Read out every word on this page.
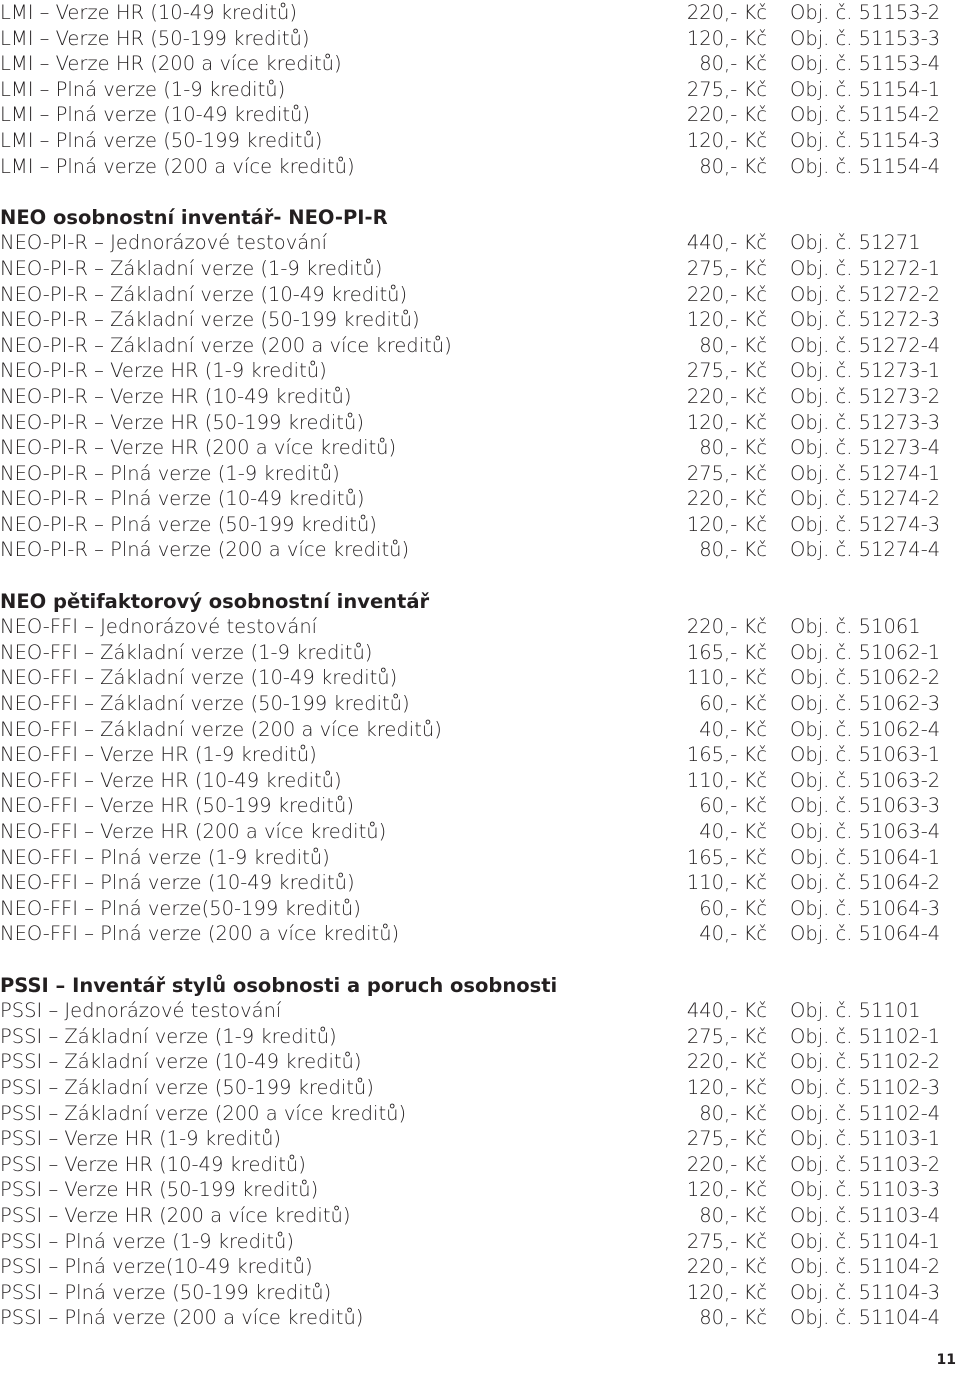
LMI – Verze HR (10-49 kreditů)	220,- Kč Obj. č. 51153-2
LMI – Verze HR (50-199 kreditů)	120,- Kč Obj. č. 51153-3
LMI – Verze HR (200 a více kreditů)	80,- Kč Obj. č. 51153-4
LMI – Plná verze (1-9 kreditů)	275,- Kč Obj. č. 51154-1
LMI – Plná verze (10-49 kreditů)	220,- Kč Obj. č. 51154-2
LMI – Plná verze (50-199 kreditů)	120,- Kč Obj. č. 51154-3
LMI – Plná verze (200 a více kreditů)	80,- Kč Obj. č. 51154-4
NEO osobnostní inventář- NEO-PI-R
NEO-PI-R – Jednorázové testování	440,- Kč Obj. č. 51271
NEO-PI-R – Základní verze (1-9 kreditů)	275,- Kč Obj. č. 51272-1
NEO-PI-R – Základní verze (10-49 kreditů)	220,- Kč Obj. č. 51272-2
NEO-PI-R – Základní verze (50-199 kreditů)	120,- Kč Obj. č. 51272-3
NEO-PI-R – Základní verze (200 a více kreditů)	80,- Kč Obj. č. 51272-4
NEO-PI-R – Verze HR (1-9 kreditů)	275,- Kč Obj. č. 51273-1
NEO-PI-R – Verze HR (10-49 kreditů)	220,- Kč Obj. č. 51273-2
NEO-PI-R – Verze HR (50-199 kreditů)	120,- Kč Obj. č. 51273-3
NEO-PI-R – Verze HR (200 a více kreditů)	80,- Kč Obj. č. 51273-4
NEO-PI-R – Plná verze (1-9 kreditů)	275,- Kč Obj. č. 51274-1
NEO-PI-R – Plná verze (10-49 kreditů)	220,- Kč Obj. č. 51274-2
NEO-PI-R – Plná verze (50-199 kreditů)	120,- Kč Obj. č. 51274-3
NEO-PI-R – Plná verze (200 a více kreditů)	80,- Kč Obj. č. 51274-4
NEO pětifaktorový osobnostní inventář
NEO-FFI – Jednorázové testování	220,- Kč Obj. č. 51061
NEO-FFI – Základní verze (1-9 kreditů)	165,- Kč Obj. č. 51062-1
NEO-FFI – Základní verze (10-49 kreditů)	110,- Kč Obj. č. 51062-2
NEO-FFI – Základní verze (50-199 kreditů)	60,- Kč Obj. č. 51062-3
NEO-FFI – Základní verze (200 a více kreditů)	40,- Kč Obj. č. 51062-4
NEO-FFI – Verze HR (1-9 kreditů)	165,- Kč Obj. č. 51063-1
NEO-FFI – Verze HR (10-49 kreditů)	110,- Kč Obj. č. 51063-2
NEO-FFI – Verze HR (50-199 kreditů)	60,- Kč Obj. č. 51063-3
NEO-FFI – Verze HR (200 a více kreditů)	40,- Kč Obj. č. 51063-4
NEO-FFI – Plná verze (1-9 kreditů)	165,- Kč Obj. č. 51064-1
NEO-FFI – Plná verze (10-49 kreditů)	110,- Kč Obj. č. 51064-2
NEO-FFI – Plná verze(50-199 kreditů)	60,- Kč Obj. č. 51064-3
NEO-FFI – Plná verze (200 a více kreditů)	40,- Kč Obj. č. 51064-4
PSSI – Inventář stylů osobnosti a poruch osobnosti
PSSI – Jednorázové testování	440,- Kč Obj. č. 51101
PSSI – Základní verze (1-9 kreditů)	275,- Kč Obj. č. 51102-1
PSSI – Základní verze (10-49 kreditů)	220,- Kč Obj. č. 51102-2
PSSI – Základní verze (50-199 kreditů)	120,- Kč Obj. č. 51102-3
PSSI – Základní verze (200 a více kreditů)	80,- Kč Obj. č. 51102-4
PSSI – Verze HR (1-9 kreditů)	275,- Kč Obj. č. 51103-1
PSSI – Verze HR (10-49 kreditů)	220,- Kč Obj. č. 51103-2
PSSI – Verze HR (50-199 kreditů)	120,- Kč Obj. č. 51103-3
PSSI – Verze HR (200 a více kreditů)	80,- Kč Obj. č. 51103-4
PSSI – Plná verze (1-9 kreditů)	275,- Kč Obj. č. 51104-1
PSSI – Plná verze(10-49 kreditů)	220,- Kč Obj. č. 51104-2
PSSI – Plná verze (50-199 kreditů)	120,- Kč Obj. č. 51104-3
PSSI – Plná verze (200 a více kreditů)	80,- Kč Obj. č. 51104-4
11
